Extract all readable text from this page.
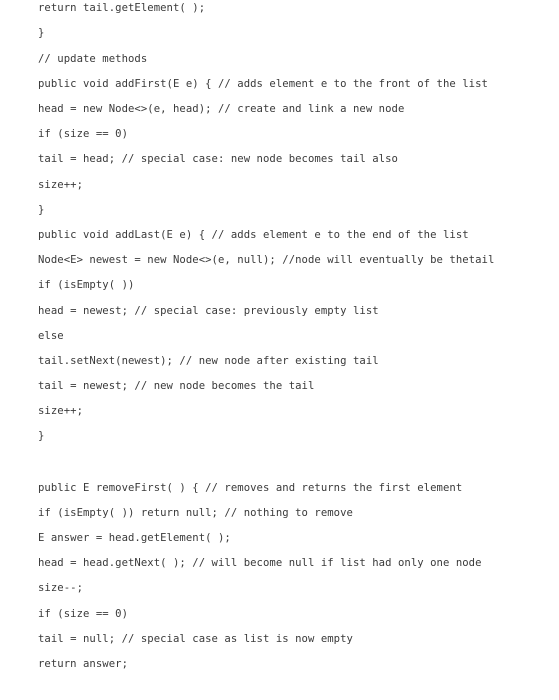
return tail.getElement( );
}
// update methods
public void addFirst(E e) { // adds element e to the front of the list
head = new Node<>(e, head); // create and link a new node
if (size == 0)
tail = head; // special case: new node becomes tail also
size++;
}
public void addLast(E e) { // adds element e to the end of the list
Node<E> newest = new Node<>(e, null); //node will eventually be thetail
if (isEmpty( ))
head = newest; // special case: previously empty list
else
tail.setNext(newest); // new node after existing tail
tail = newest; // new node becomes the tail
size++;
}
public E removeFirst( ) { // removes and returns the first element
if (isEmpty( )) return null; // nothing to remove
E answer = head.getElement( );
head = head.getNext( ); // will become null if list had only one node
size--;
if (size == 0)
tail = null; // special case as list is now empty
return answer;
